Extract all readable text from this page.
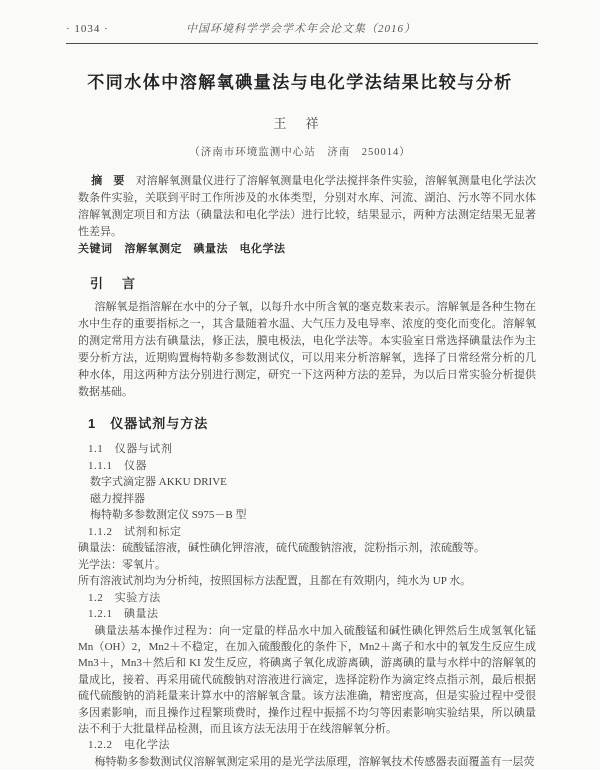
· 1034 ·	中国环境科学学会学术年会论文集（2016）
不同水体中溶解氧碘量法与电化学法结果比较与分析
王 祥
（济南市环境监测中心站　济南　250014）

摘　要　 对溶解氧测量仪进行了溶解氧测量电化学法搅拌条件实验，溶解氧测量电化学法次数条件实验，关联到平时工作所涉及的水体类型，分别对水库、河流、湖泊、污水等不同水体溶解氧测定项目和方法（碘量法和电化学法）进行比较，结果显示，两种方法测定结果无显著性差异。

关键词 溶解氧测定　碘量法　电化学法
引　言

溶解氧是指溶解在水中的分子氧，以每升水中所含氧的毫克数来表示。溶解氧是各种生物在水中生存的重要指标之一，其含量随着水温、大气压力及电导率、浓度的变化而变化。溶解氧的测定常用方法有碘量法，修正法，膜电极法，电化学法等。本实验室日常选择碘量法作为主要分析方法，近期购置梅特勒多参数测试仪，可以用来分析溶解氧，选择了日常经常分析的几种水体，用这两种方法分别进行测定，研究一下这两种方法的差异，为以后日常实验分析提供数据基础。

1　仪器试剂与方法
1.1　仪器与试剂
1.1.1　仪器
数字式滴定器 AKKU DRIVE
磁力搅拌器
梅特勒多参数测定仪 S975－B 型
1.1.2　试剂和标定
碘量法：硫酸锰溶液，碱性碘化钾溶液，硫代硫酸钠溶液，淀粉指示剂，浓硫酸等。
光学法：零氧片。
所有溶液试剂均为分析纯，按照国标方法配置，且都在有效期内，纯水为 UP 水。
1.2　实验方法
1.2.1　碘量法

碘量法基本操作过程为：向一定量的样品水中加入硫酸锰和碱性碘化钾然后生成氢氧化锰 Mn（OH）2，Mn2＋不稳定，在加入硫酸酸化的条件下，Mn2＋离子和水中的氧发生反应生成 Mn3＋，Mn3＋然后和 KI 发生反应，将碘离子氧化成游离碘，游离碘的量与水样中的溶解氧的量成比，接着、再采用硫代硫酸钠对溶液进行滴定，选择淀粉作为滴定终点指示剂，最后根据硫代硫酸钠的消耗量来计算水中的溶解氧含量。该方法准确，精密度高，但是实验过程中受很多因素影响，而且操作过程繁琐费时，操作过程中振摇不均匀等因素影响实验结果，所以碘量法不利于大批量样品检测，而且该方法无法用于在线溶解氧分析。

1.2.2　电化学法

梅特勒多参数测试仪溶解氧测定采用的是光学法原理，溶解氧技术传感器表面覆盖有一层荧
